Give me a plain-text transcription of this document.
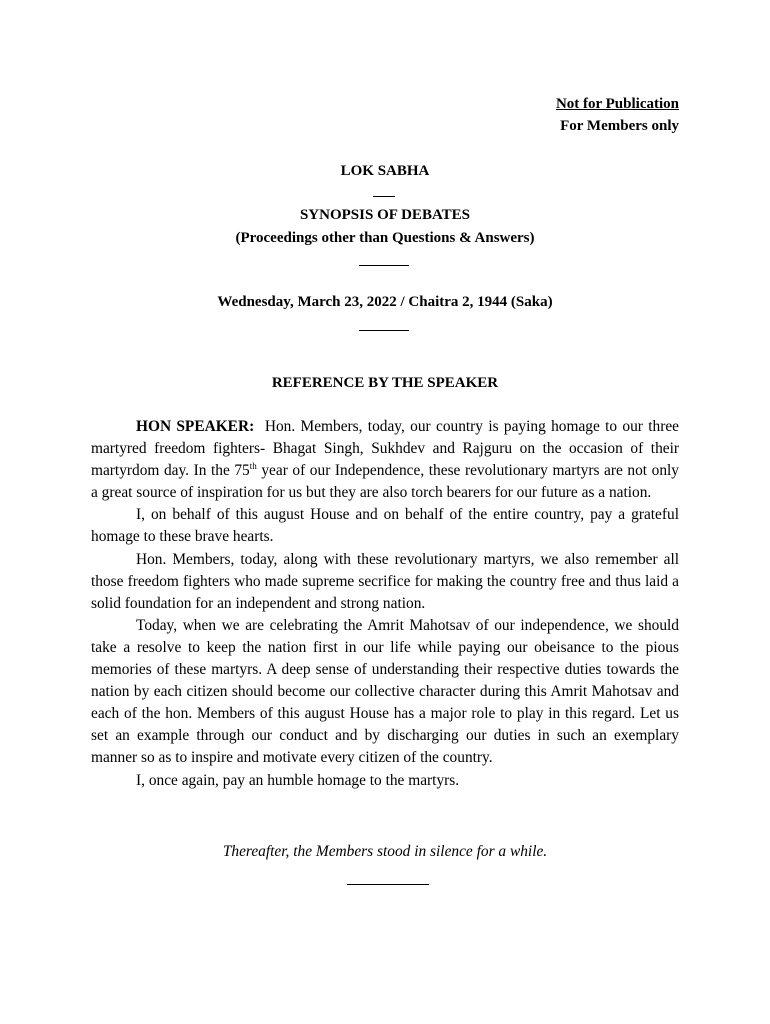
Not for Publication
For Members only
LOK SABHA
SYNOPSIS OF DEBATES
(Proceedings other than Questions & Answers)
Wednesday, March 23, 2022 / Chaitra 2, 1944 (Saka)
REFERENCE BY THE SPEAKER

HON SPEAKER: Hon. Members, today, our country is paying homage to our three martyred freedom fighters- Bhagat Singh, Sukhdev and Rajguru on the occasion of their martyrdom day. In the 75th year of our Independence, these revolutionary martyrs are not only a great source of inspiration for us but they are also torch bearers for our future as a nation.

I, on behalf of this august House and on behalf of the entire country, pay a grateful homage to these brave hearts.

Hon. Members, today, along with these revolutionary martyrs, we also remember all those freedom fighters who made supreme secrifice for making the country free and thus laid a solid foundation for an independent and strong nation.

Today, when we are celebrating the Amrit Mahotsav of our independence, we should take a resolve to keep the nation first in our life while paying our obeisance to the pious memories of these martyrs. A deep sense of understanding their respective duties towards the nation by each citizen should become our collective character during this Amrit Mahotsav and each of the hon. Members of this august House has a major role to play in this regard. Let us set an example through our conduct and by discharging our duties in such an exemplary manner so as to inspire and motivate every citizen of the country.

I, once again, pay an humble homage to the martyrs.

Thereafter, the Members stood in silence for a while.
